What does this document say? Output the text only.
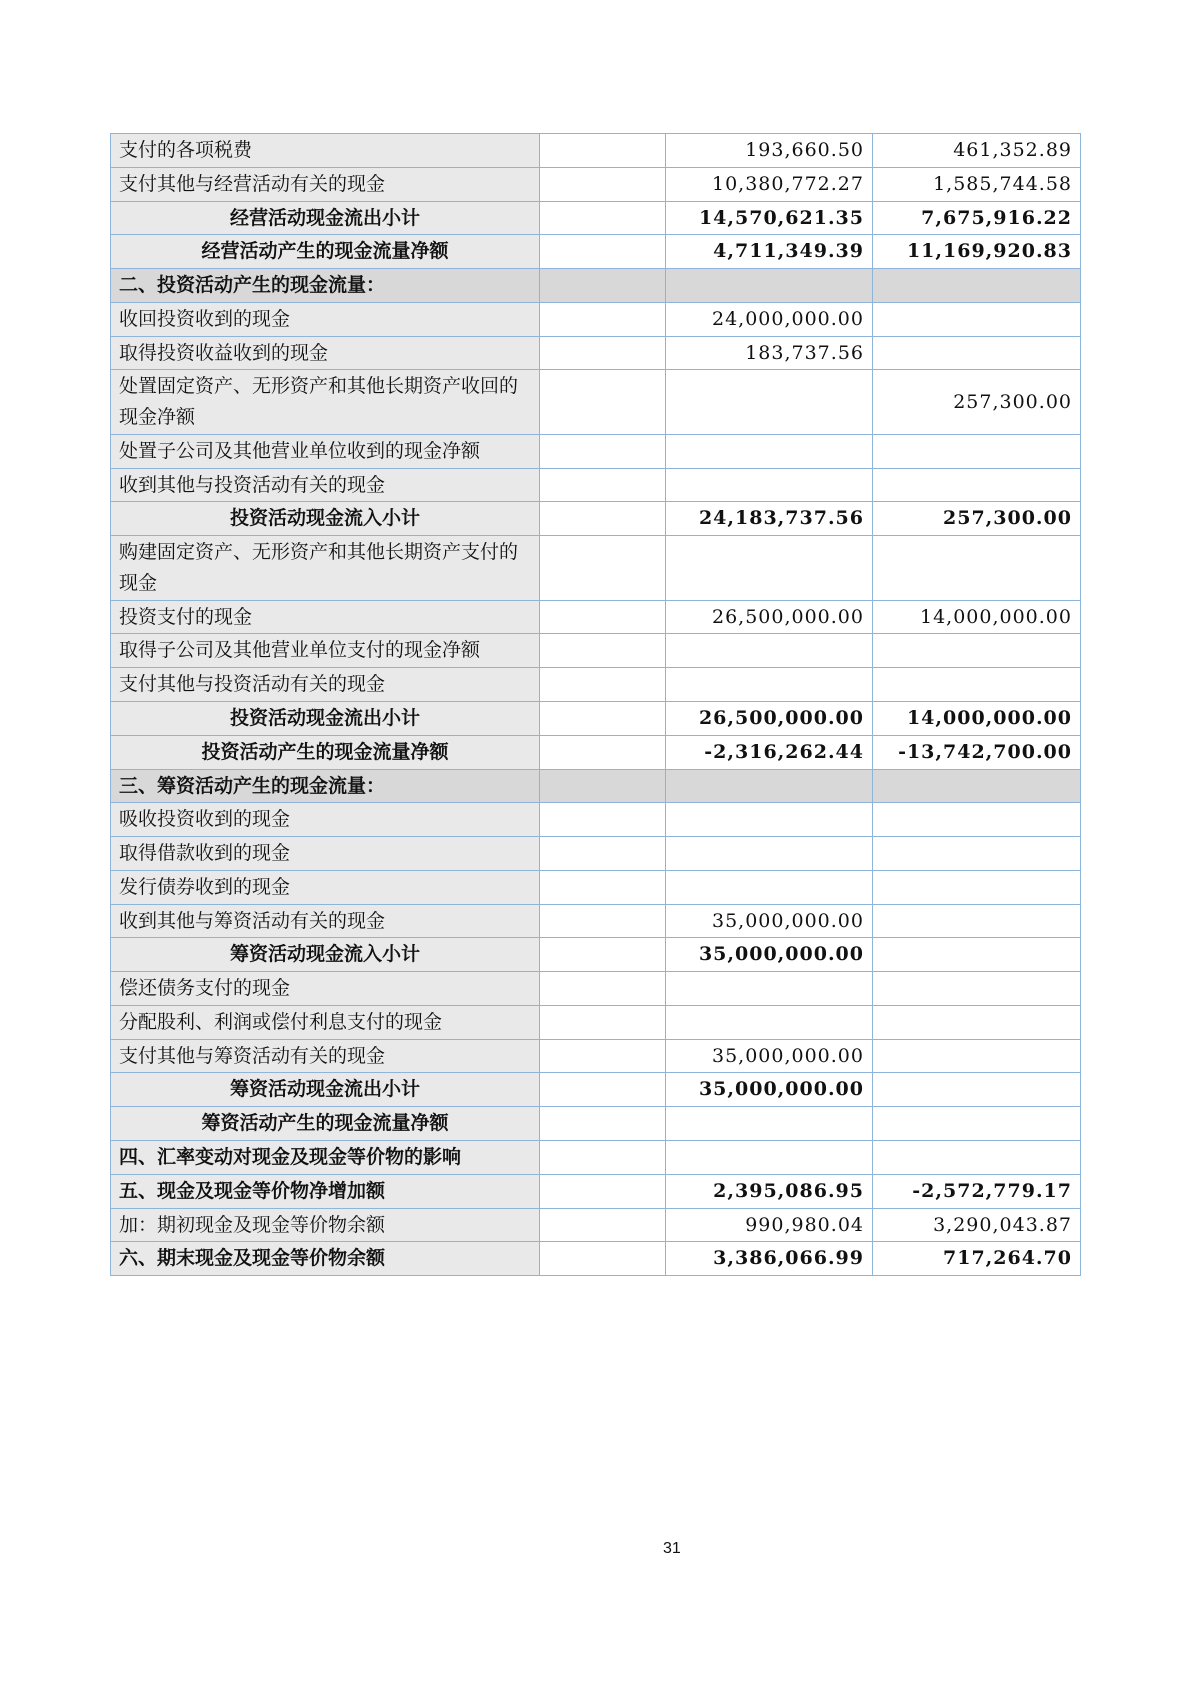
支付的各项税费		193,660.50	461,352.89
支付其他与经营活动有关的现金		10,380,772.27	1,585,744.58
经营活动现金流出小计		14,570,621.35	7,675,916.22
经营活动产生的现金流量净额		4,711,349.39	11,169,920.83
二、投资活动产生的现金流量：			
收回投资收到的现金		24,000,000.00	
取得投资收益收到的现金		183,737.56	
处置固定资产、无形资产和其他长期资产收回的现金净额			257,300.00
处置子公司及其他营业单位收到的现金净额			
收到其他与投资活动有关的现金			
投资活动现金流入小计		24,183,737.56	257,300.00
购建固定资产、无形资产和其他长期资产支付的现金			
投资支付的现金		26,500,000.00	14,000,000.00
取得子公司及其他营业单位支付的现金净额			
支付其他与投资活动有关的现金			
投资活动现金流出小计		26,500,000.00	14,000,000.00
投资活动产生的现金流量净额		-2,316,262.44	-13,742,700.00
三、筹资活动产生的现金流量：			
吸收投资收到的现金			
取得借款收到的现金			
发行债券收到的现金			
收到其他与筹资活动有关的现金		35,000,000.00	
筹资活动现金流入小计		35,000,000.00	
偿还债务支付的现金			
分配股利、利润或偿付利息支付的现金			
支付其他与筹资活动有关的现金		35,000,000.00	
筹资活动现金流出小计		35,000,000.00	
筹资活动产生的现金流量净额			
四、汇率变动对现金及现金等价物的影响			
五、现金及现金等价物净增加额		2,395,086.95	-2,572,779.17
加：期初现金及现金等价物余额		990,980.04	3,290,043.87
六、期末现金及现金等价物余额		3,386,066.99	717,264.70
31
